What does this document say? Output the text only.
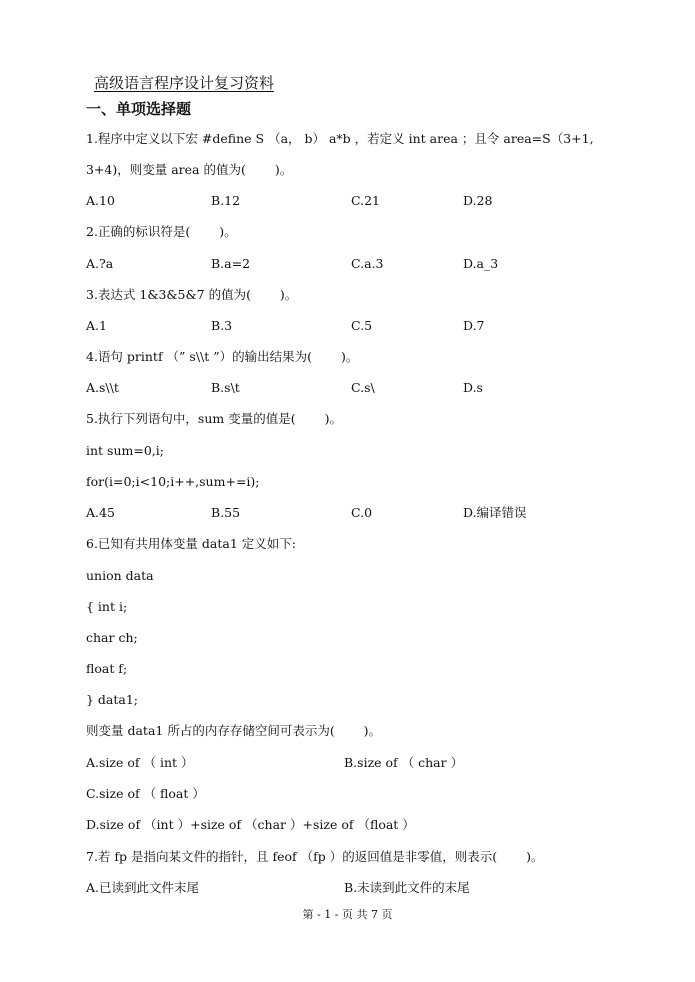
高级语言程序设计复习资料
一、单项选择题
1.程序中定义以下宏 #define S （a， b） a*b ，若定义 int area ；且令 area=S（3+1,
3+4)，则变量 area 的值为(　　 )。
A.10	B.12	C.21	D.28
2.正确的标识符是(　　 )。
A.?a	B.a=2	C.a.3	D.a_3
3.表达式 1&3&5&7 的值为(　　 )。
A.1	B.3	C.5	D.7
4.语句 printf （” s\\t ”）的输出结果为(　　 )。
A.s\\t	B.s\t	C.s\	D.s
5.执行下列语句中，sum 变量的值是(　　 )。
int sum=0,i;
for(i=0;i<10;i++,sum+=i);
A.45	B.55	C.0	D.编译错误
6.已知有共用体变量 data1 定义如下:
union data
{ int i;
char ch;
float f;
} data1;
则变量 data1 所占的内存存储空间可表示为(　　 )。
A.size of （ int ）	B.size of （ char ）
C.size of （ float ）
D.size of （int ）+size of （char ）+size of （float ）
7.若 fp 是指向某文件的指针，且 feof （fp ）的返回值是非零值，则表示(　　 )。
A.已读到此文件末尾	B.未读到此文件的末尾
第 - 1 - 页 共 7 页
